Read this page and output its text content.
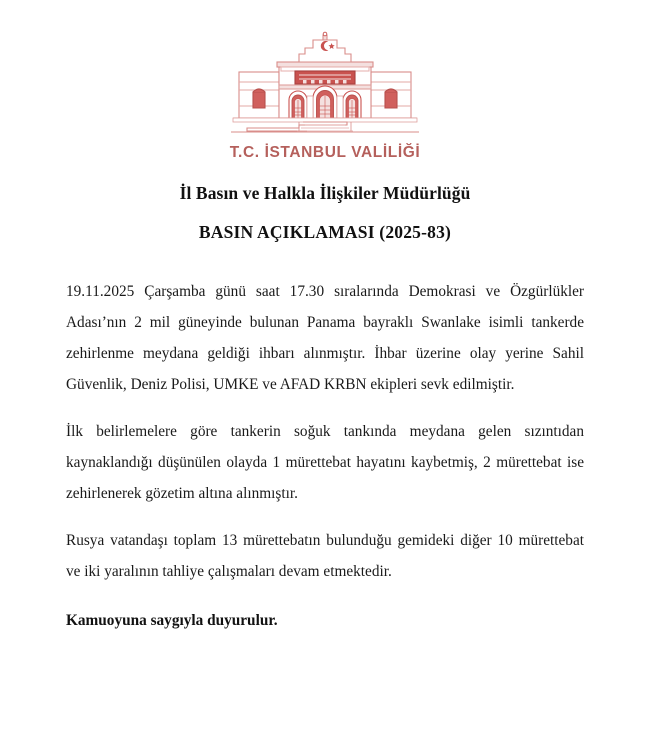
T.C. İSTANBUL VALİLİĞİ
İl Basın ve Halkla İlişkiler Müdürlüğü
BASIN AÇIKLAMASI (2025-83)

19.11.2025 Çarşamba günü saat 17.30 sıralarında Demokrasi ve Özgürlükler Adası’nın 2 mil güneyinde bulunan Panama bayraklı Swanlake isimli tankerde zehirlenme meydana geldiği ihbarı alınmıştır. İhbar üzerine olay yerine Sahil Güvenlik, Deniz Polisi, UMKE ve AFAD KRBN ekipleri sevk edilmiştir.

İlk belirlemelere göre tankerin soğuk tankında meydana gelen sızıntıdan kaynaklandığı düşünülen olayda 1 mürettebat hayatını kaybetmiş, 2 mürettebat ise zehirlenerek gözetim altına alınmıştır.

Rusya vatandaşı toplam 13 mürettebatın bulunduğu gemideki diğer 10 mürettebat ve iki yaralının tahliye çalışmaları devam etmektedir.

Kamuoyuna saygıyla duyurulur.
